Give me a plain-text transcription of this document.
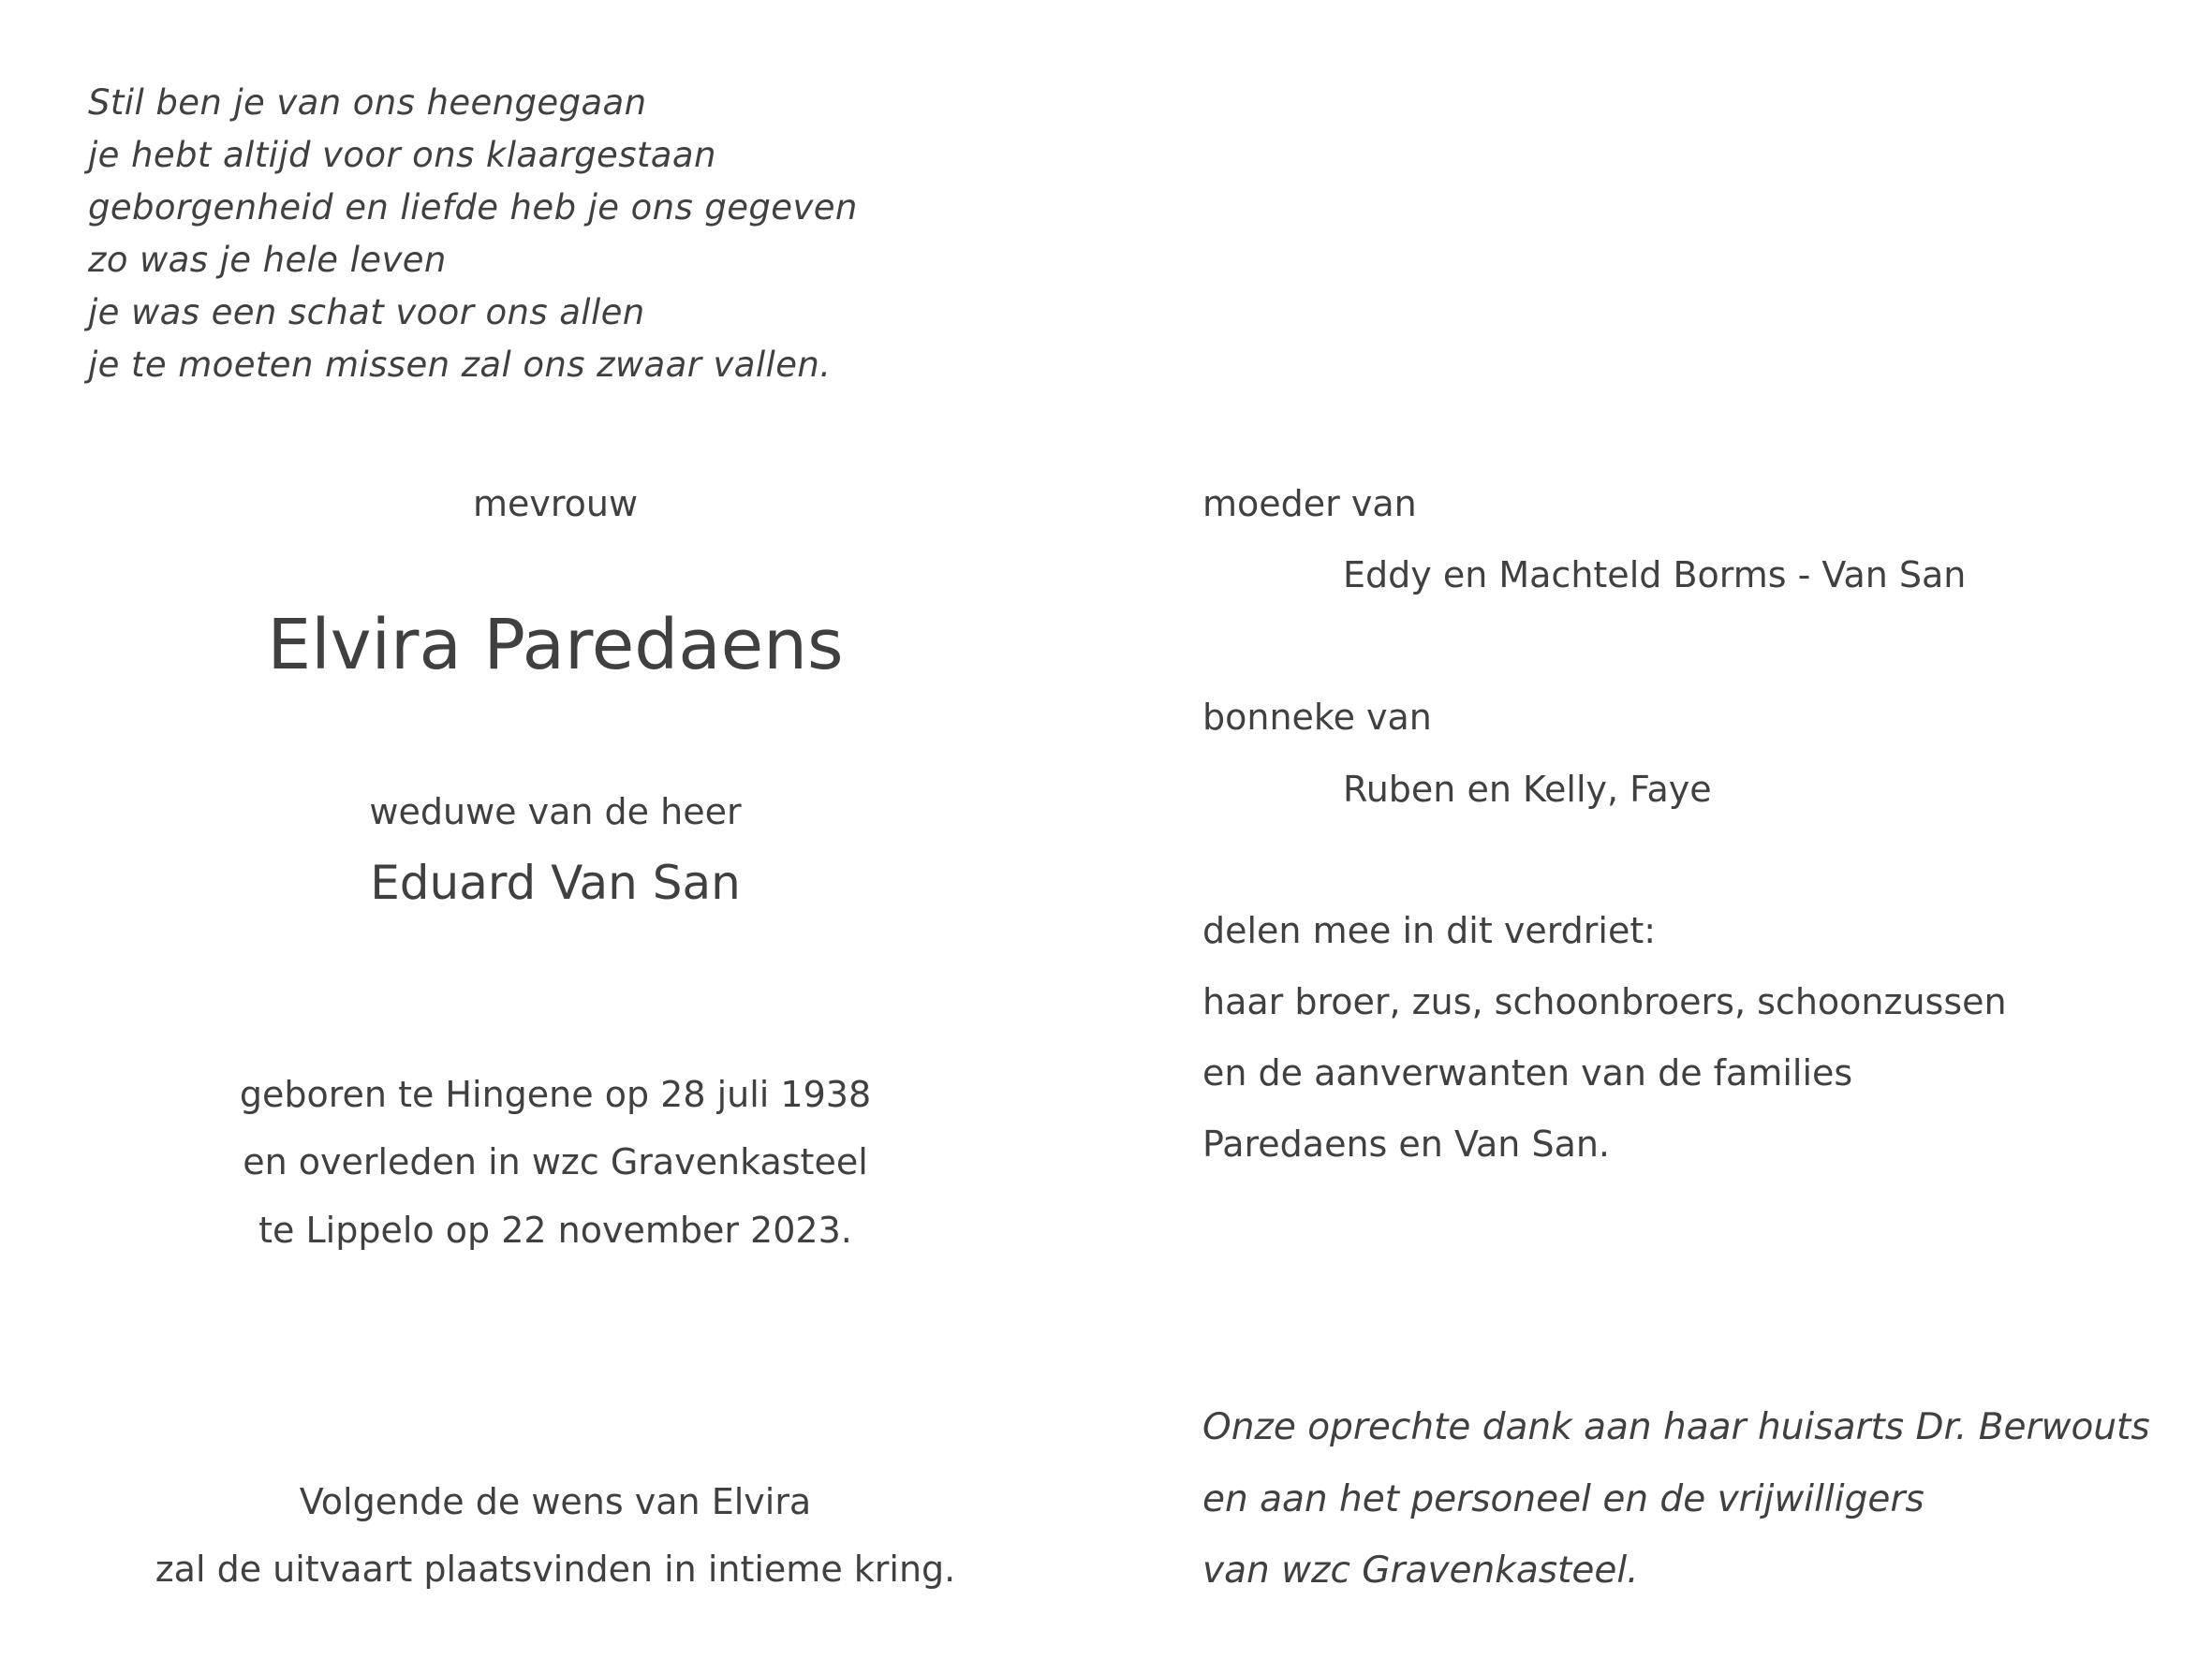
Stil ben je van ons heengegaan
je hebt altijd voor ons klaargestaan
geborgenheid en liefde heb je ons gegeven
zo was je hele leven
je was een schat voor ons allen
je te moeten missen zal ons zwaar vallen.
mevrouw
Elvira Paredaens
weduwe van de heer
Eduard Van San
geboren te Hingene op 28 juli 1938
en overleden in wzc Gravenkasteel
te Lippelo op 22 november 2023.
Volgende de wens van Elvira
zal de uitvaart plaatsvinden in intieme kring.
moeder van
Eddy en Machteld Borms - Van San
bonneke van
Ruben en Kelly, Faye
delen mee in dit verdriet:
haar broer, zus, schoonbroers, schoonzussen
en de aanverwanten van de families
Paredaens en Van San.
Onze oprechte dank aan haar huisarts Dr. Berwouts
en aan het personeel en de vrijwilligers
van wzc Gravenkasteel.
